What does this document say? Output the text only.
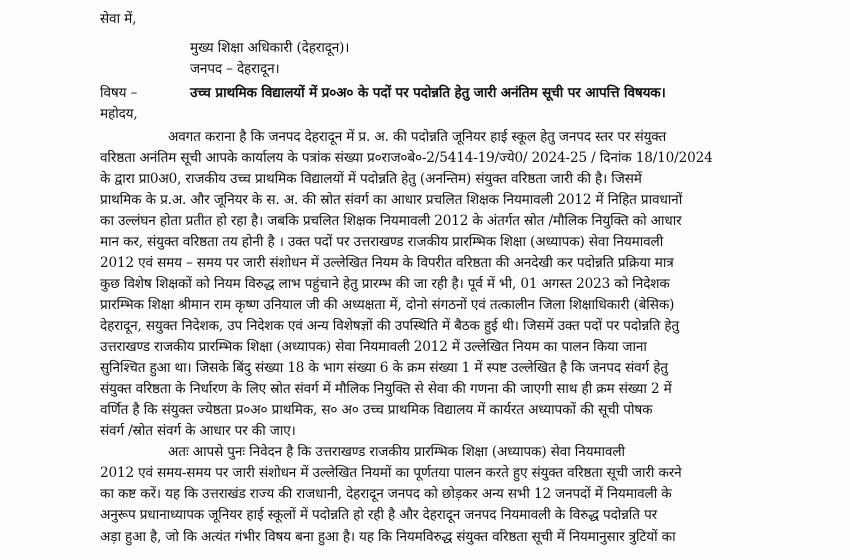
सेवा में,
मुख्य शिक्षा अधिकारी (देहरादून)।
जनपद – देहरादून।
विषय –	उच्च प्राथमिक विद्यालयों में प्र०अ० के पदों पर पदोन्नति हेतु जारी अनंतिम सूची पर आपत्ति विषयक।
महोदय,
अवगत कराना है कि जनपद देहरादून में प्र. अ. की पदोन्नति जूनियर हाई स्कूल हेतु जनपद स्तर पर संयुक्त
वरिष्ठता अनंतिम सूची आपके कार्यालय के पत्रांक संख्या प्र०राज०बे०-2/5414-19/ज्ये0/ 2024-25 / दिनांक 18/10/2024
के द्वारा प्रा0अ0, राजकीय उच्च प्राथमिक विद्यालयों में पदोन्नति हेतु (अनन्तिम) संयुक्त वरिष्ठता जारी की है। जिसमें
प्राथमिक के प्र.अ. और जूनियर के स. अ. की स्रोत संवर्ग का आधार प्रचलित शिक्षक नियमावली 2012 में निहित प्रावधानों
का उल्लंघन होता प्रतीत हो रहा है। जबकि प्रचलित शिक्षक नियमावली 2012 के अंतर्गत स्रोत /मौलिक नियुक्ति को आधार
मान कर, संयुक्त वरिष्ठता तय होनी है । उक्त पदों पर उत्तराखण्ड राजकीय प्रारम्भिक शिक्षा (अध्यापक) सेवा नियमावली
2012 एवं समय – समय पर जारी संशोधन में उल्लेखित नियम के विपरीत वरिष्ठता की अनदेखी कर पदोन्नति प्रक्रिया मात्र
कुछ विशेष शिक्षकों को नियम विरुद्ध लाभ पहुंचाने हेतु प्रारम्भ की जा रही है। पूर्व में भी, 01 अगस्त 2023 को निदेशक
प्रारम्भिक शिक्षा श्रीमान राम कृष्ण उनियाल जी की अध्यक्षता में, दोनो संगठनों एवं तत्कालीन जिला शिक्षाधिकारी (बेसिक)
देहरादून, सयुक्त निदेशक, उप निदेशक एवं अन्य विशेषज्ञों की उपस्थिति में बैठक हुई थी। जिसमें उक्त पदों पर पदोन्नति हेतु
उत्तराखण्ड राजकीय प्रारम्भिक शिक्षा (अध्यापक) सेवा नियमावली 2012 में उल्लेखित नियम का पालन किया जाना
सुनिश्चित हुआ था। जिसके बिंदु संख्या 18 के भाग संख्या 6 के क्रम संख्या 1 में स्पष्ट उल्लेखित है कि जनपद संवर्ग हेतु
संयुक्त वरिष्ठता के निर्धारण के लिए स्रोत संवर्ग में मौलिक नियुक्ति से सेवा की गणना की जाएगी साथ ही क्रम संख्या 2 में
वर्णित है कि संयुक्त ज्येष्ठता प्र०अ० प्राथमिक, स० अ० उच्च प्राथमिक विद्यालय में कार्यरत अध्यापकों की सूची पोषक
संवर्ग /स्रोत संवर्ग के आधार पर की जाए।
अतः आपसे पुनः निवेदन है कि उत्तराखण्ड राजकीय प्रारम्भिक शिक्षा (अध्यापक) सेवा नियमावली
2012 एवं समय-समय पर जारी संशोधन में उल्लेखित नियमों का पूर्णतया पालन करते हुए संयुक्त वरिष्ठता सूची जारी करने
का कष्ट करें। यह कि उत्तराखंड राज्य की राजधानी, देहरादून जनपद को छोड़कर अन्य सभी 12 जनपदों में नियमावली के
अनुरूप प्रधानाध्यापक जूनियर हाई स्कूलों में पदोन्नति हो रही है और देहरादून जनपद नियमावली के विरुद्ध पदोन्नति पर
अड़ा हुआ है, जो कि अत्यंत गंभीर विषय बना हुआ है। यह कि नियमविरुद्ध संयुक्त वरिष्ठता सूची में नियमानुसार त्रुटियों का
